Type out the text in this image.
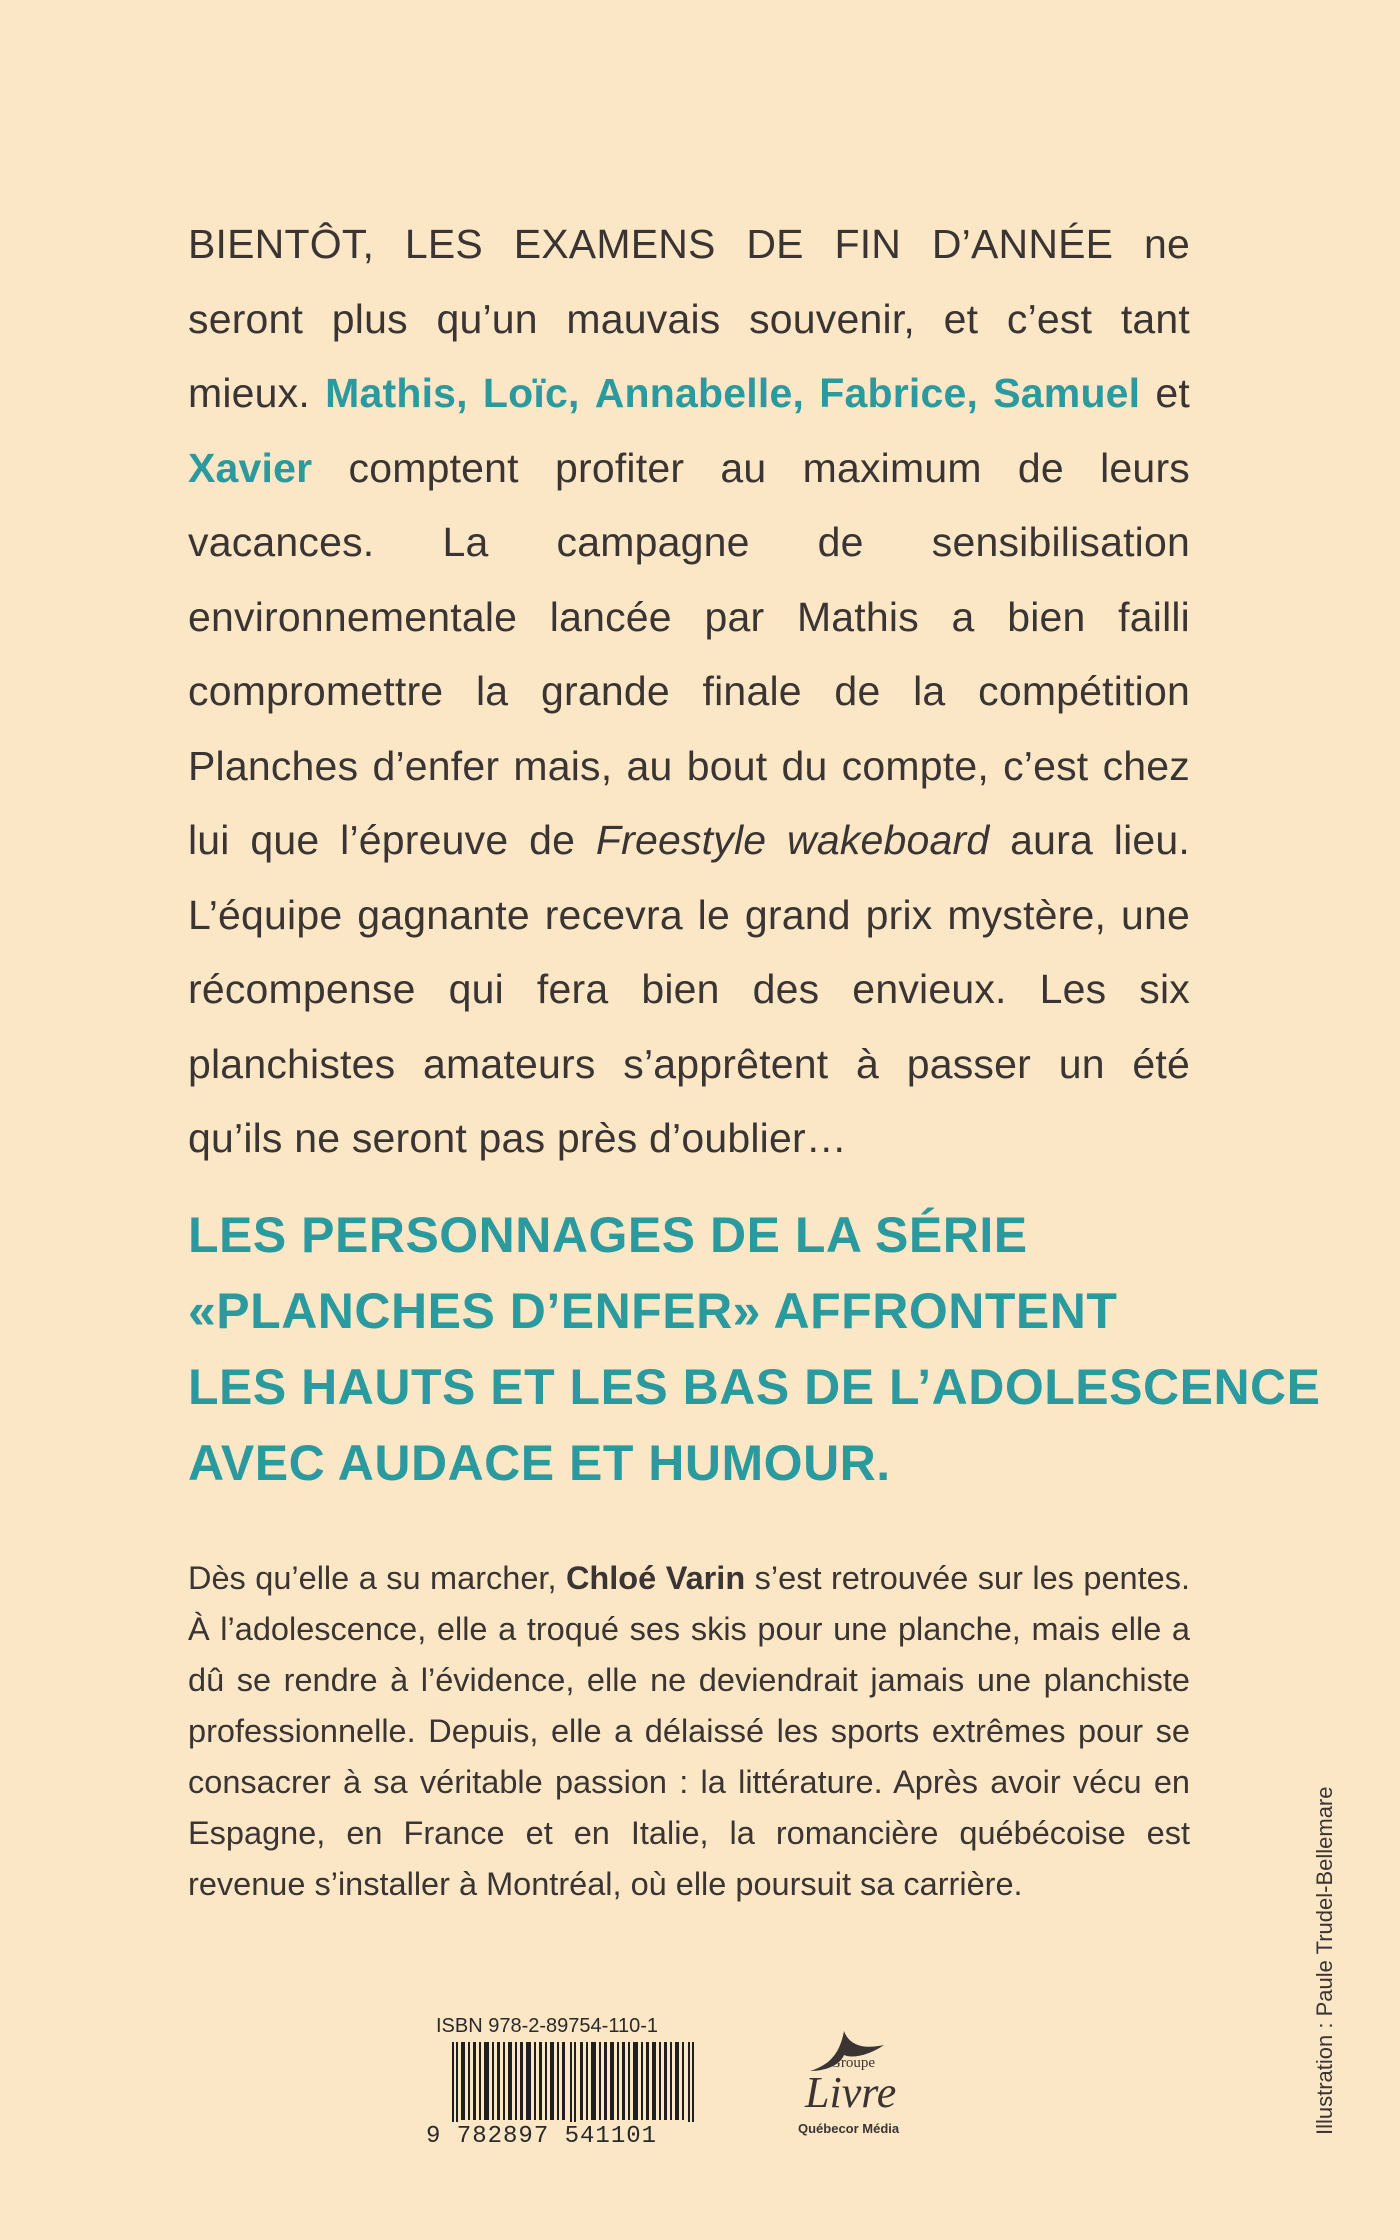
BIENTÔT, LES EXAMENS DE FIN D’ANNÉE ne seront plus qu’un mauvais souvenir, et c’est tant mieux. Mathis, Loïc, Annabelle, Fabrice, Samuel et Xavier comptent profiter au maximum de leurs vacances. La campagne de sensibilisation environnementale lancée par Mathis a bien failli compromettre la grande finale de la compétition Planches d’enfer mais, au bout du compte, c’est chez lui que l’épreuve de Freestyle wakeboard aura lieu. L’équipe gagnante recevra le grand prix mystère, une récompense qui fera bien des envieux. Les six planchistes amateurs s’apprêtent à passer un été qu’ils ne seront pas près d’oublier…
LES PERSONNAGES DE LA SÉRIE
«PLANCHES D’ENFER» AFFRONTENT
LES HAUTS ET LES BAS DE L’ADOLESCENCE
AVEC AUDACE ET HUMOUR.
Dès qu’elle a su marcher, Chloé Varin s’est retrouvée sur les pentes. À l’adolescence, elle a troqué ses skis pour une planche, mais elle a dû se rendre à l’évidence, elle ne deviendrait jamais une planchiste professionnelle. Depuis, elle a délaissé les sports extrêmes pour se consacrer à sa véritable passion : la littérature. Après avoir vécu en Espagne, en France et en Italie, la romancière québécoise est revenue s’installer à Montréal, où elle poursuit sa carrière.
ISBN 978-2-89754-110-1
9 782897 541101
Groupe
Livre
Québecor Média	Illustration : Paule Trudel-Bellemare
